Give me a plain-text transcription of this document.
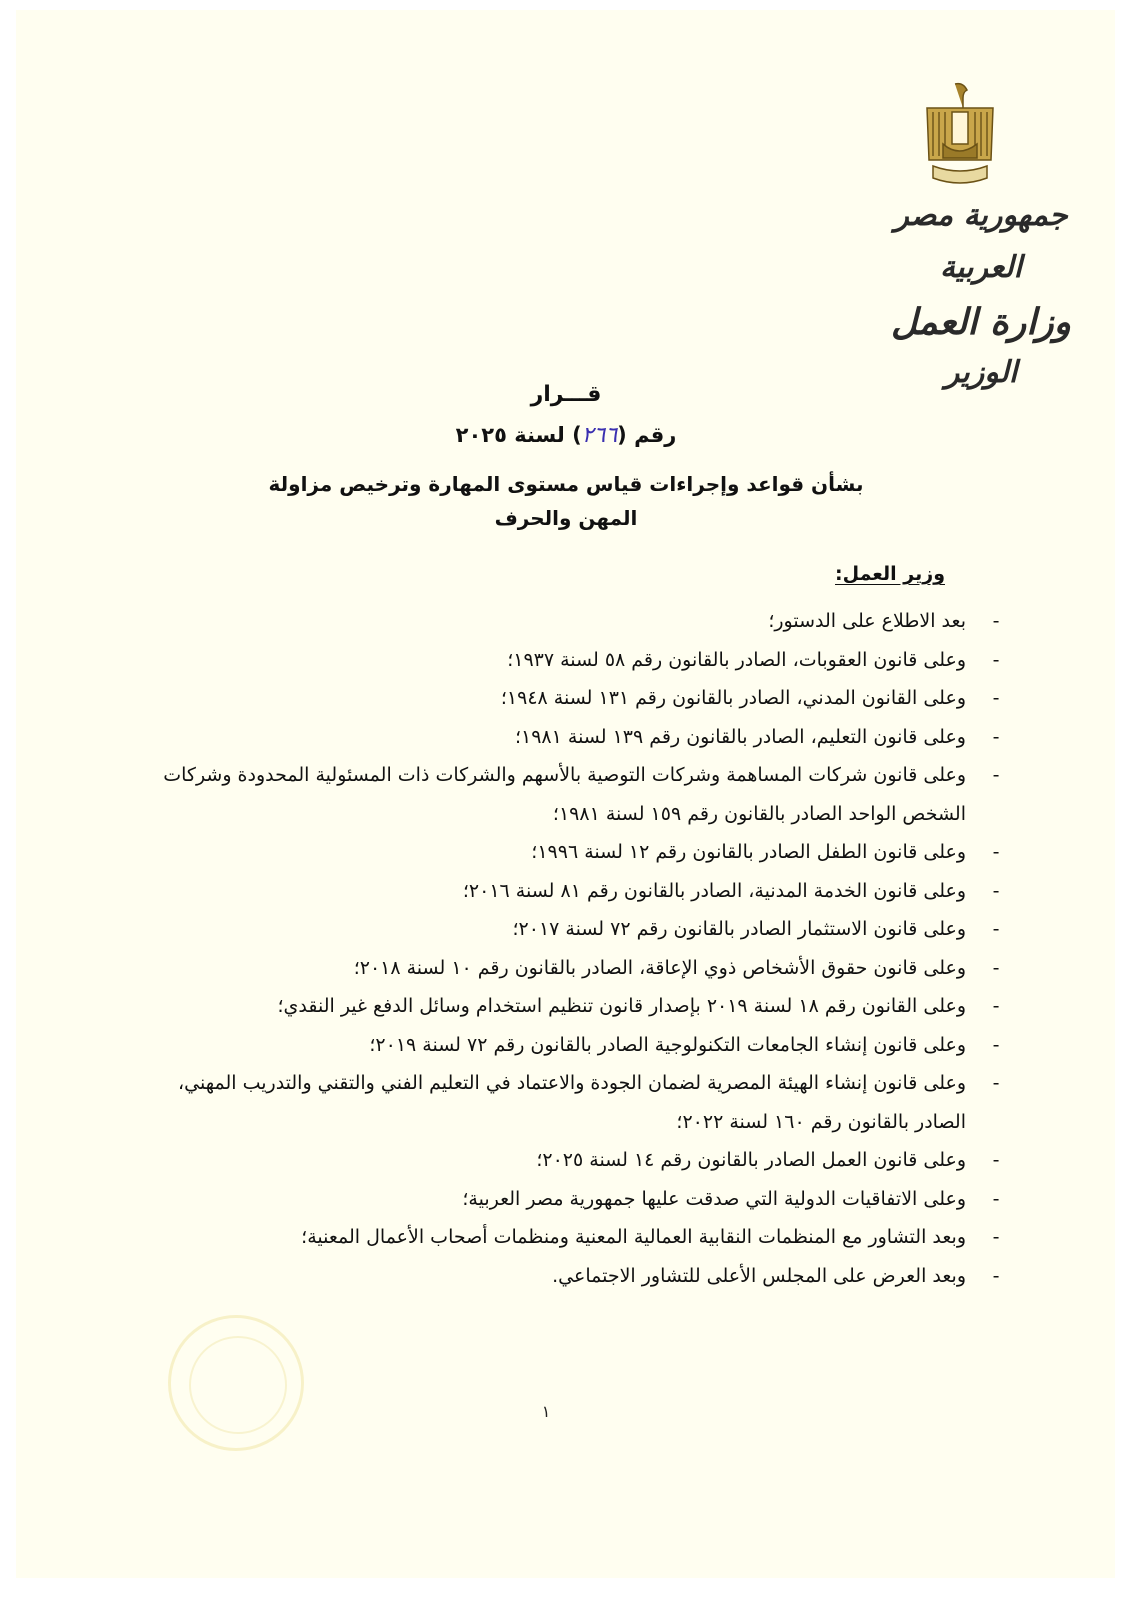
جمهورية مصر العربية
وزارة العمل
الوزير
قـــرار
رقم (٢٦٦) لسنة ٢٠٢٥
بشأن قواعد وإجراءات قياس مستوى المهارة وترخيص مزاولة المهن والحرف
وزير العمل:
-
بعد الاطلاع على الدستور؛
-
وعلى قانون العقوبات، الصادر بالقانون رقم ٥٨ لسنة ١٩٣٧؛
-
وعلى القانون المدني، الصادر بالقانون رقم ١٣١ لسنة ١٩٤٨؛
-
وعلى قانون التعليم، الصادر بالقانون رقم ١٣٩ لسنة ١٩٨١؛
-
وعلى قانون شركات المساهمة وشركات التوصية بالأسهم والشركات ذات المسئولية المحدودة وشركات الشخص الواحد الصادر بالقانون رقم ١٥٩ لسنة ١٩٨١؛
-
وعلى قانون الطفل الصادر بالقانون رقم ١٢ لسنة ١٩٩٦؛
-
وعلى قانون الخدمة المدنية، الصادر بالقانون رقم ٨١ لسنة ٢٠١٦؛
-
وعلى قانون الاستثمار الصادر بالقانون رقم ٧٢ لسنة ٢٠١٧؛
-
وعلى قانون حقوق الأشخاص ذوي الإعاقة، الصادر بالقانون رقم ١٠ لسنة ٢٠١٨؛
-
وعلى القانون رقم ١٨ لسنة ٢٠١٩ بإصدار قانون تنظيم استخدام وسائل الدفع غير النقدي؛
-
وعلى قانون إنشاء الجامعات التكنولوجية الصادر بالقانون رقم ٧٢ لسنة ٢٠١٩؛
-
وعلى قانون إنشاء الهيئة المصرية لضمان الجودة والاعتماد في التعليم الفني والتقني والتدريب المهني، الصادر بالقانون رقم ١٦٠ لسنة ٢٠٢٢؛
-
وعلى قانون العمل الصادر بالقانون رقم ١٤ لسنة ٢٠٢٥؛
-
وعلى الاتفاقيات الدولية التي صدقت عليها جمهورية مصر العربية؛
-
وبعد التشاور مع المنظمات النقابية العمالية المعنية ومنظمات أصحاب الأعمال المعنية؛
-
وبعد العرض على المجلس الأعلى للتشاور الاجتماعي.
١
